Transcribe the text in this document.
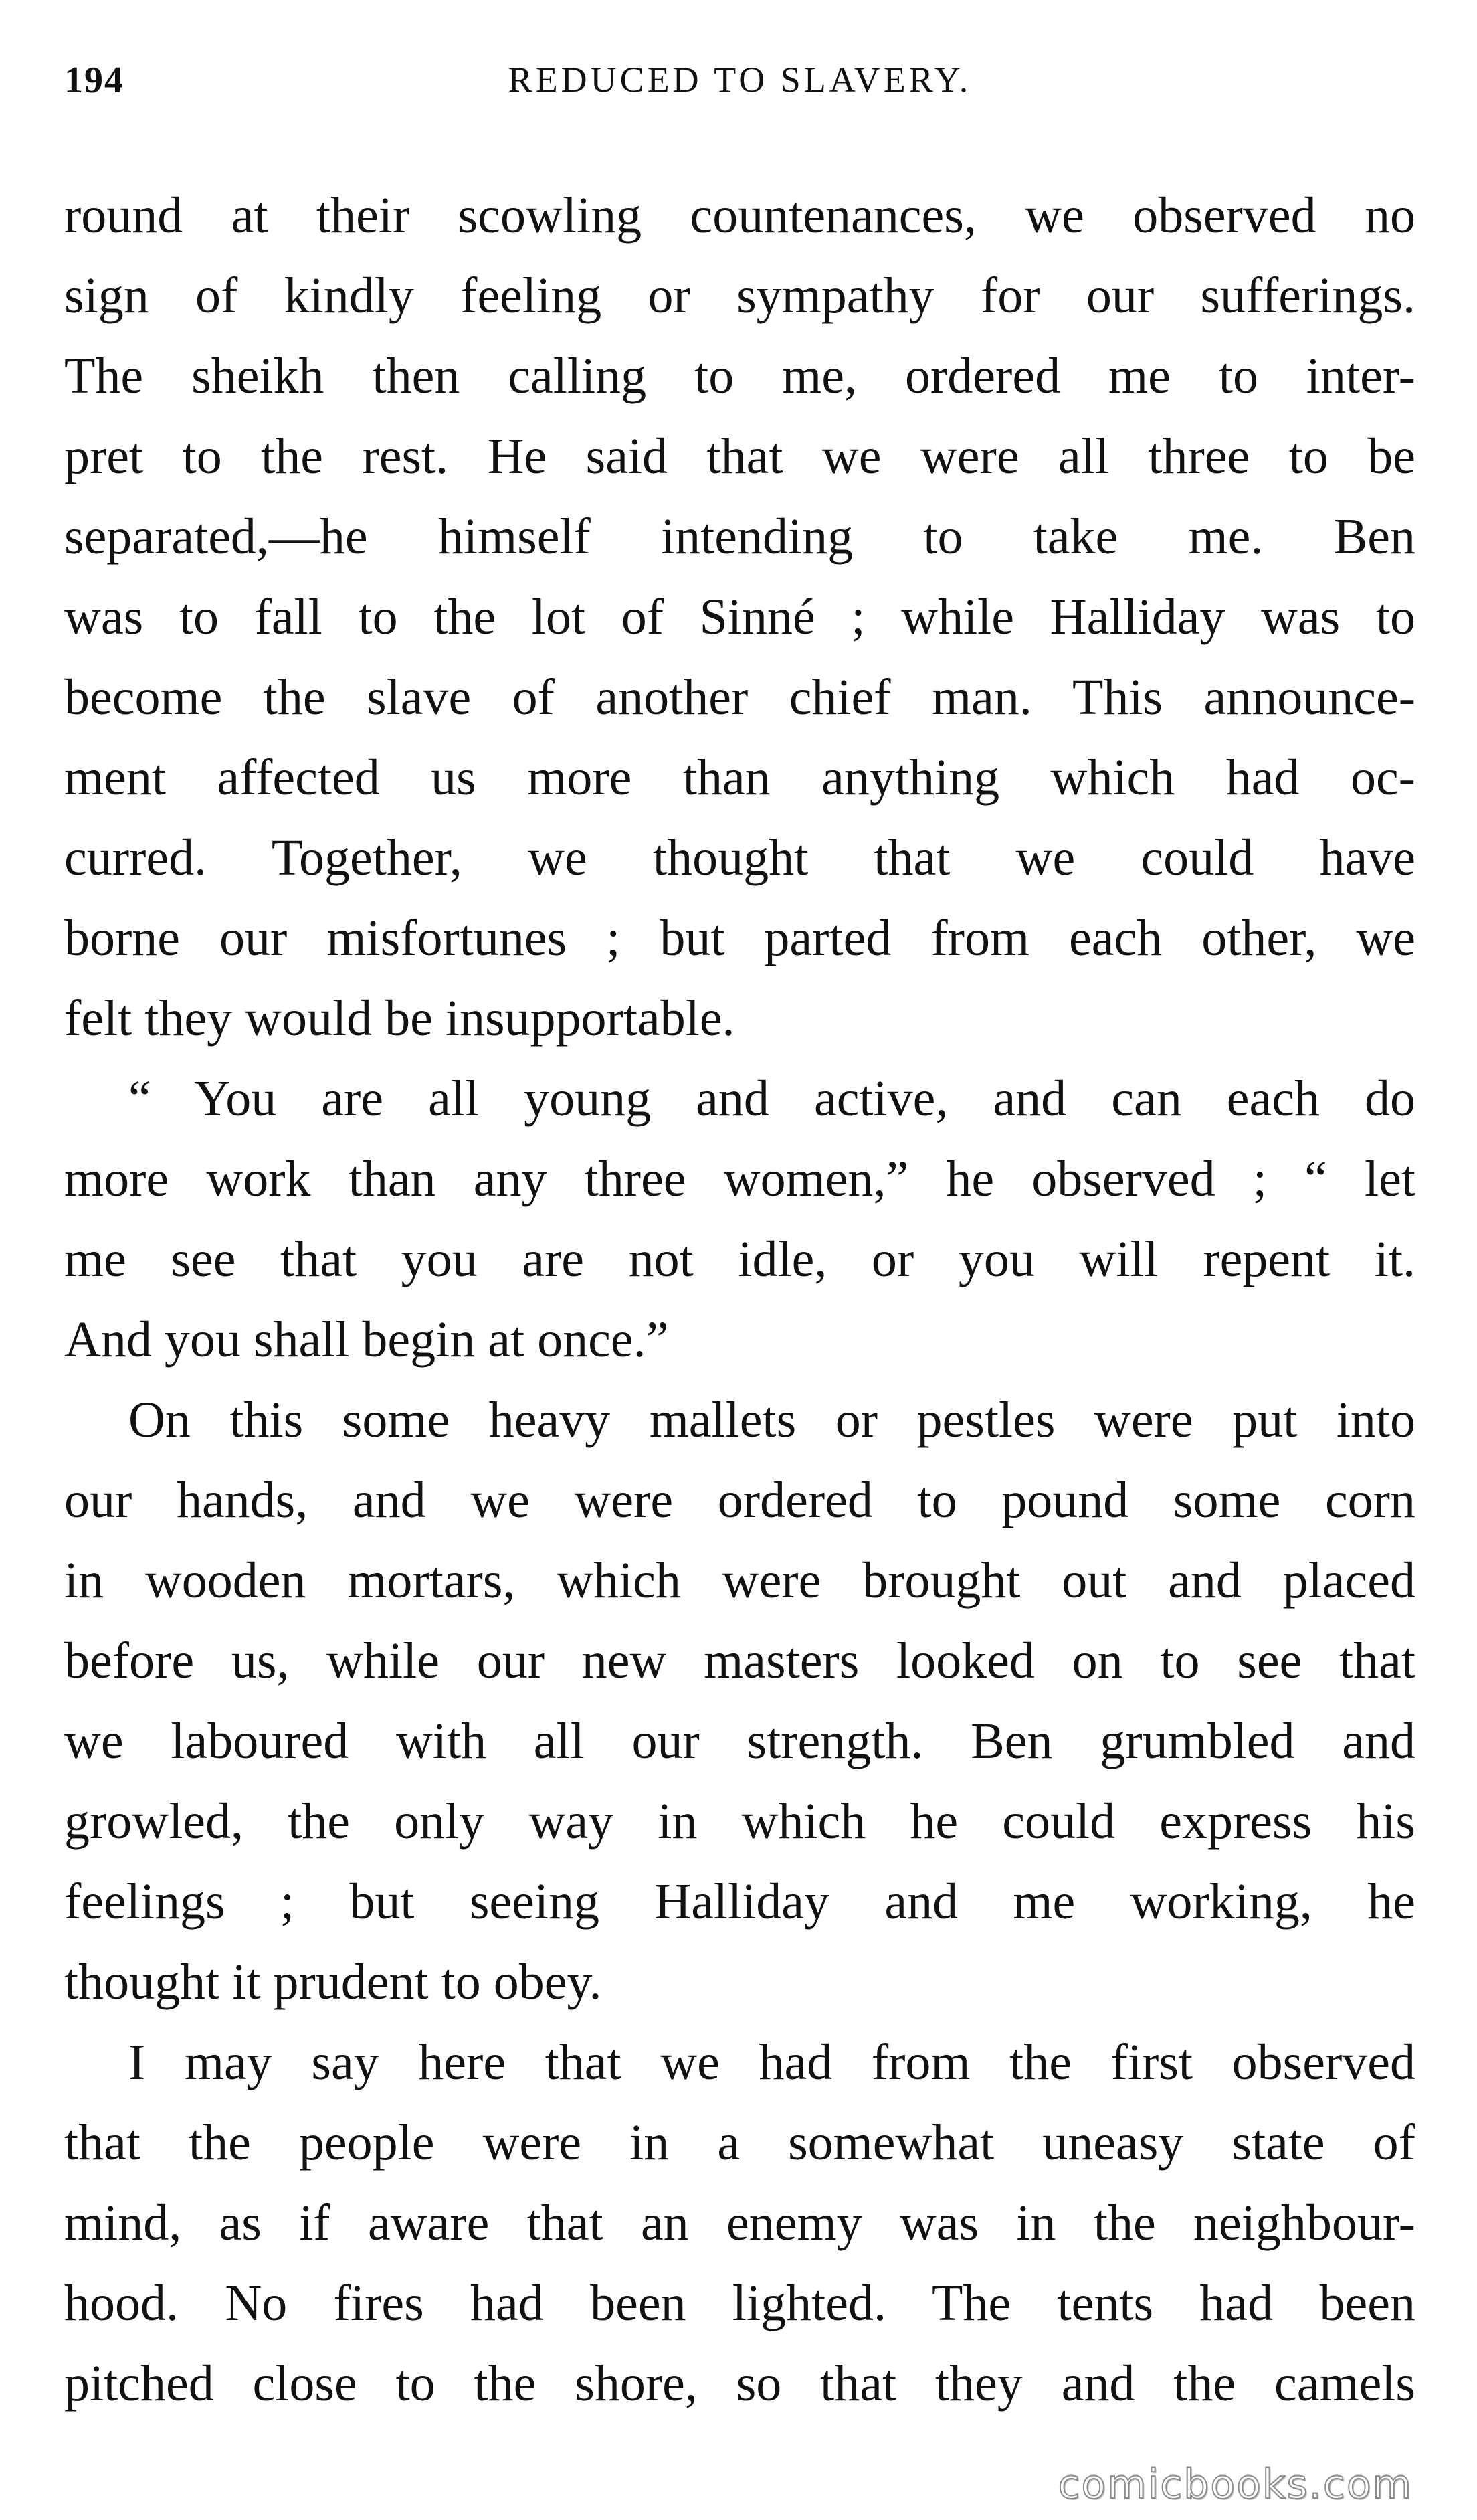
194	REDUCED TO SLAVERY.
round at their scowling countenances, we observed no
sign of kindly feeling or sympathy for our sufferings.
The sheikh then calling to me, ordered me to inter-
pret to the rest. He said that we were all three to be
separated,—he himself intending to take me. Ben
was to fall to the lot of Sinné ; while Halliday was to
become the slave of another chief man. This announce-
ment affected us more than anything which had oc-
curred. Together, we thought that we could have
borne our misfortunes ; but parted from each other, we
felt they would be insupportable.
“ You are all young and active, and can each do
more work than any three women,” he observed ; “ let
me see that you are not idle, or you will repent it.
And you shall begin at once.”
On this some heavy mallets or pestles were put into
our hands, and we were ordered to pound some corn
in wooden mortars, which were brought out and placed
before us, while our new masters looked on to see that
we laboured with all our strength. Ben grumbled and
growled, the only way in which he could express his
feelings ; but seeing Halliday and me working, he
thought it prudent to obey.
I may say here that we had from the first observed
that the people were in a somewhat uneasy state of
mind, as if aware that an enemy was in the neighbour-
hood. No fires had been lighted. The tents had been
pitched close to the shore, so that they and the camels
comicbooks.com
